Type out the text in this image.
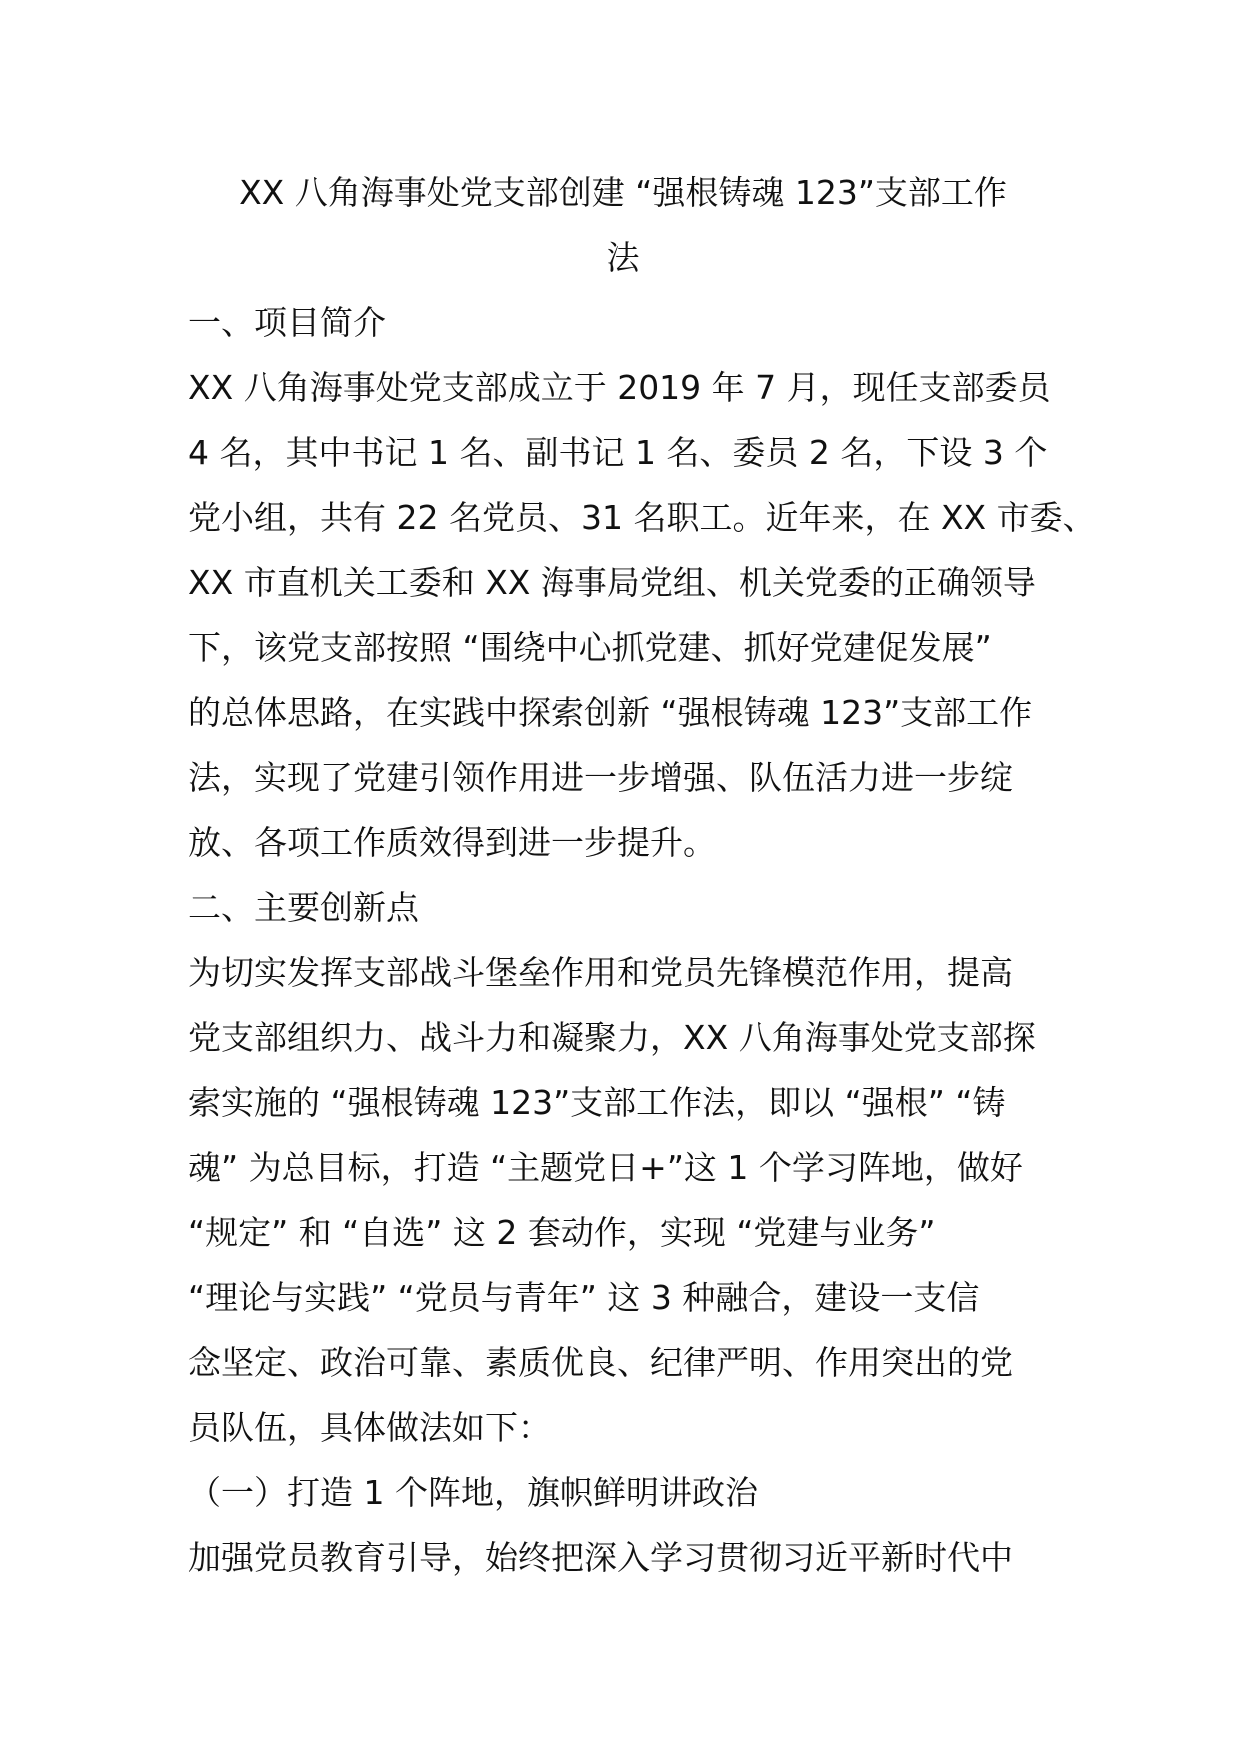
XX 八角海事处党支部创建 “强根铸魂 123”支部工作
法
一、项目简介

XX 八角海事处党支部成立于 2019 年 7 月，现任支部委员
4 名，其中书记 1 名、副书记 1 名、委员 2 名，下设 3 个
党小组，共有 22 名党员、31 名职工。近年来，在 XX 市委、
XX 市直机关工委和 XX 海事局党组、机关党委的正确领导
下，该党支部按照 “围绕中心抓党建、抓好党建促发展”
的总体思路，在实践中探索创新 “强根铸魂 123”支部工作
法，实现了党建引领作用进一步增强、队伍活力进一步绽
放、各项工作质效得到进一步提升。

二、主要创新点

为切实发挥支部战斗堡垒作用和党员先锋模范作用，提高
党支部组织力、战斗力和凝聚力，XX 八角海事处党支部探
索实施的 “强根铸魂 123”支部工作法，即以 “强根” “铸
魂” 为总目标，打造 “主题党日+”这 1 个学习阵地，做好
“规定” 和 “自选” 这 2 套动作，实现 “党建与业务”
“理论与实践” “党员与青年” 这 3 种融合，建设一支信
念坚定、政治可靠、素质优良、纪律严明、作用突出的党
员队伍，具体做法如下：

（一）打造 1 个阵地，旗帜鲜明讲政治

加强党员教育引导，始终把深入学习贯彻习近平新时代中
